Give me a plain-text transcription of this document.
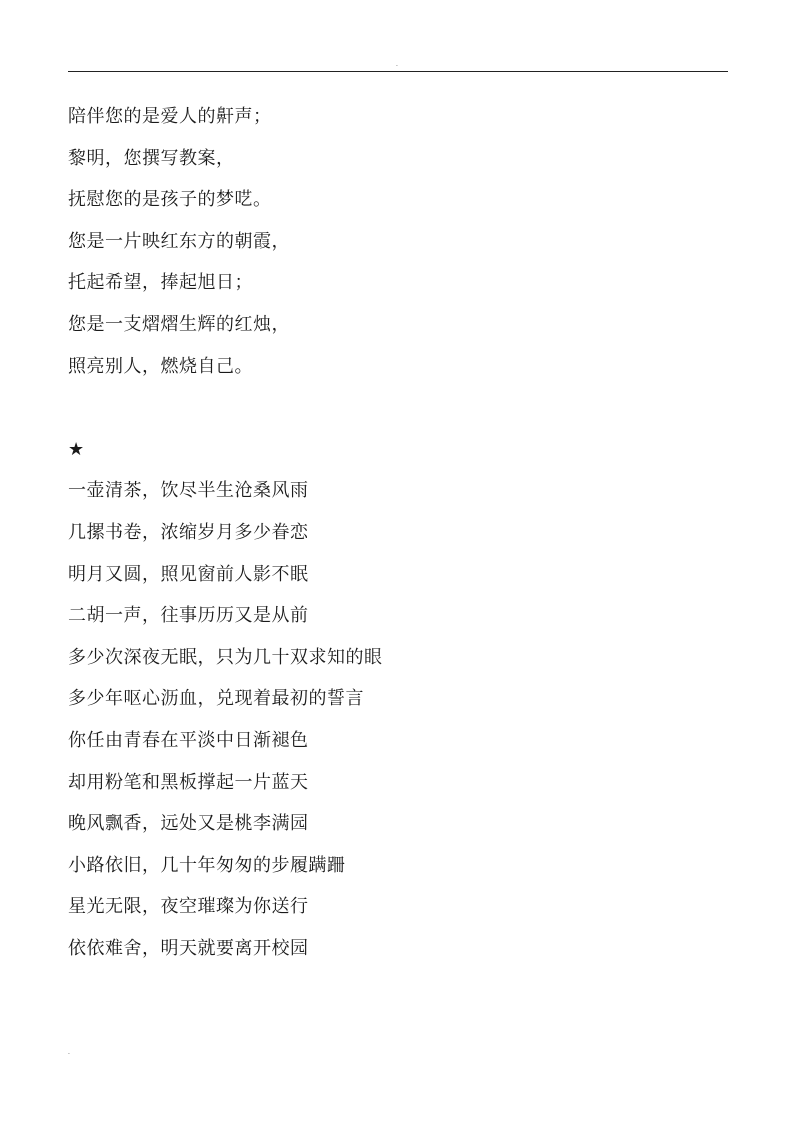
.
陪伴您的是爱人的鼾声；
黎明，您撰写教案，
抚慰您的是孩子的梦呓。
您是一片映红东方的朝霞，
托起希望，捧起旭日；
您是一支熠熠生辉的红烛，
照亮别人，燃烧自己。
★
一壶清茶，饮尽半生沧桑风雨
几摞书卷，浓缩岁月多少眷恋
明月又圆，照见窗前人影不眠
二胡一声，往事历历又是从前
多少次深夜无眠，只为几十双求知的眼
多少年呕心沥血，兑现着最初的誓言
你任由青春在平淡中日渐褪色
却用粉笔和黑板撑起一片蓝天
晚风飘香，远处又是桃李满园
小路依旧，几十年匆匆的步履蹒跚
星光无限，夜空璀璨为你送行
依依难舍，明天就要离开校园
.
